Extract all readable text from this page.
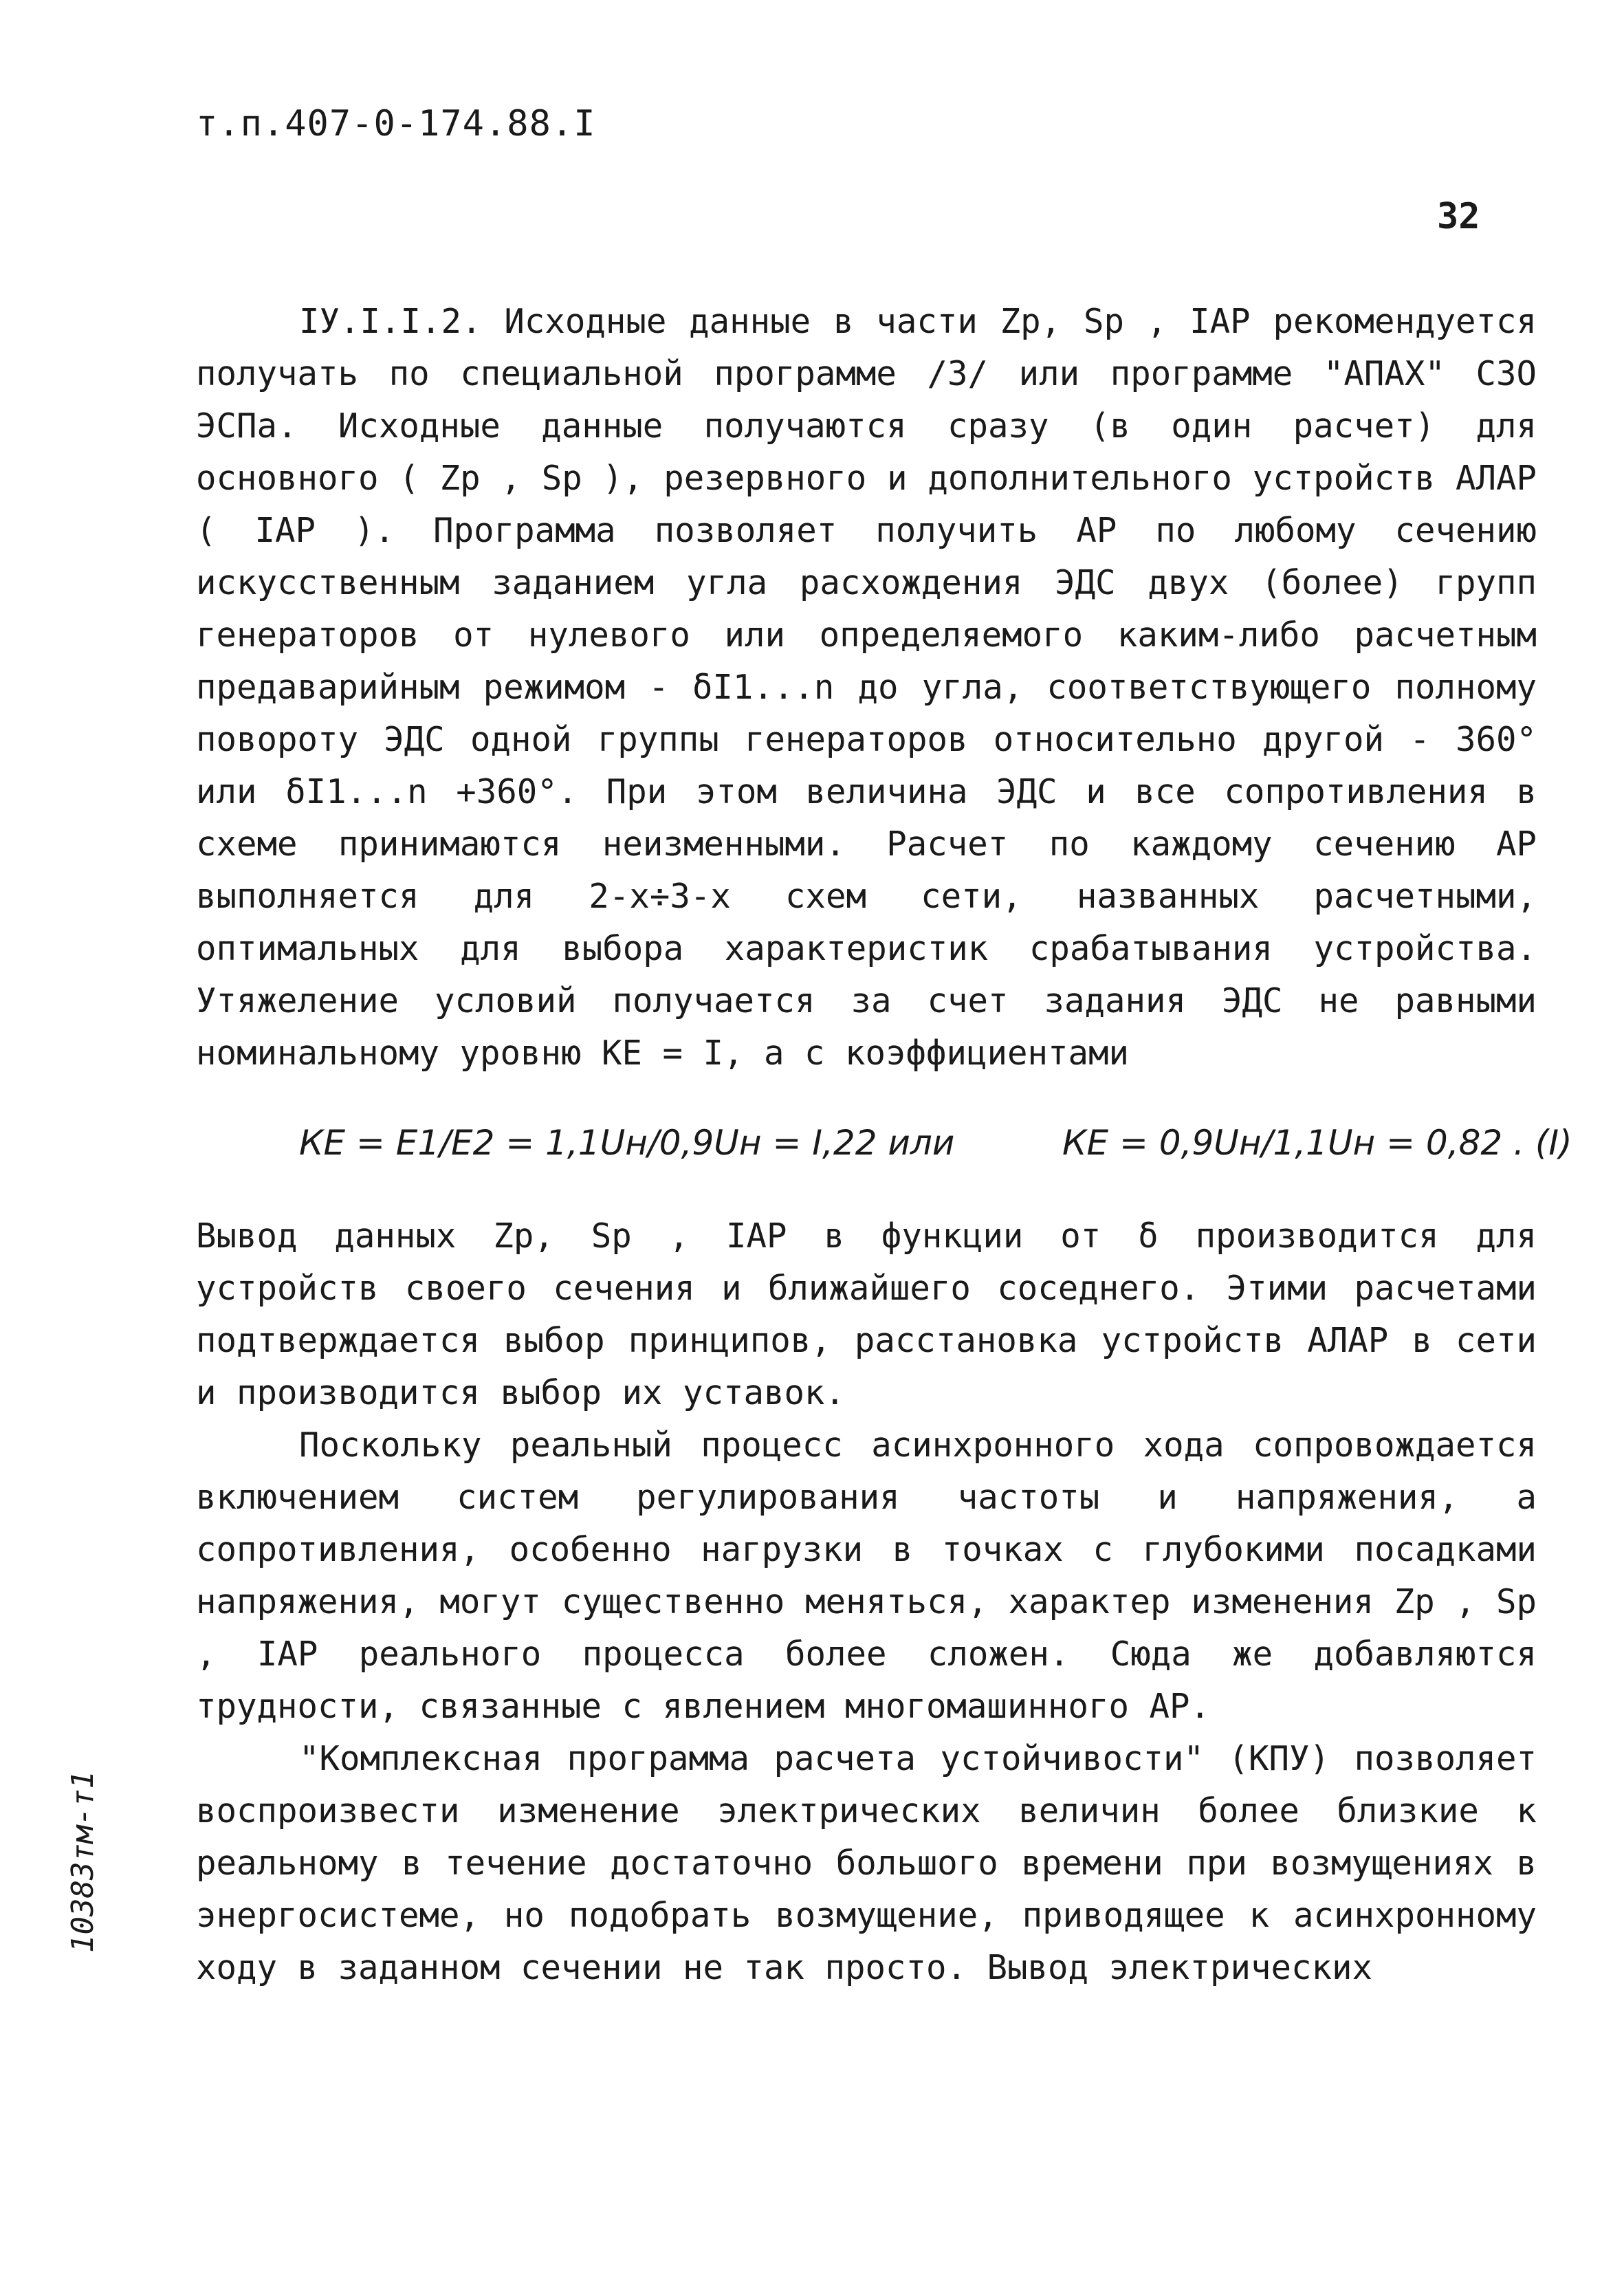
т.п.407-0-174.88.I
32

IУ.I.I.2. Исходные данные в части Zр, Sр , IАР рекомендуется получать по специальной программе /3/ или программе "АПАХ" СЗО ЭСПа. Исходные данные получаются сразу (в один расчет) для основного ( Zр , Sр ), резервного и дополнительного устройств АЛАР ( IАР ). Программа позволяет получить АР по любому сечению искусственным заданием угла расхождения ЭДС двух (более) групп генераторов от нулевого или определяемого каким-либо расчетным предаварийным режимом - δI1...n до угла, соответствующего полному повороту ЭДС одной группы генераторов относительно другой - 360° или δI1...n +360°. При этом величина ЭДС и все сопротивления в схеме принимаются неизменными. Расчет по каждому сечению АР выполняется для 2-х÷3-х схем сети, названных расчетными, оптимальных для выбора характеристик срабатывания устройства. Утяжеление условий получается за счет задания ЭДС не равными номинальному уровню КЕ = I, а с коэффициентами

КЕ = Е1/Е2 = 1,1Uн/0,9Uн = I,22 или	КЕ = 0,9Uн/1,1Uн = 0,82 . (I)

Вывод данных Zр, Sр , IАР в функции от δ производится для устройств своего сечения и ближайшего соседнего. Этими расчетами подтверждается выбор принципов, расстановка устройств АЛАР в сети и производится выбор их уставок.

Поскольку реальный процесс асинхронного хода сопровождается включением систем регулирования частоты и напряжения, а сопротивления, особенно нагрузки в точках с глубокими посадками напряжения, могут существенно меняться, характер изменения Zр , Sр , IАР реального процесса более сложен. Сюда же добавляются трудности, связанные с явлением многомашинного АР.

"Комплексная программа расчета устойчивости" (КПУ) позволяет воспроизвести изменение электрических величин более близкие к реальному в течение достаточно большого времени при возмущениях в энергосистеме, но подобрать возмущение, приводящее к асинхронному ходу в заданном сечении не так просто. Вывод электрических

10383тм-т1
